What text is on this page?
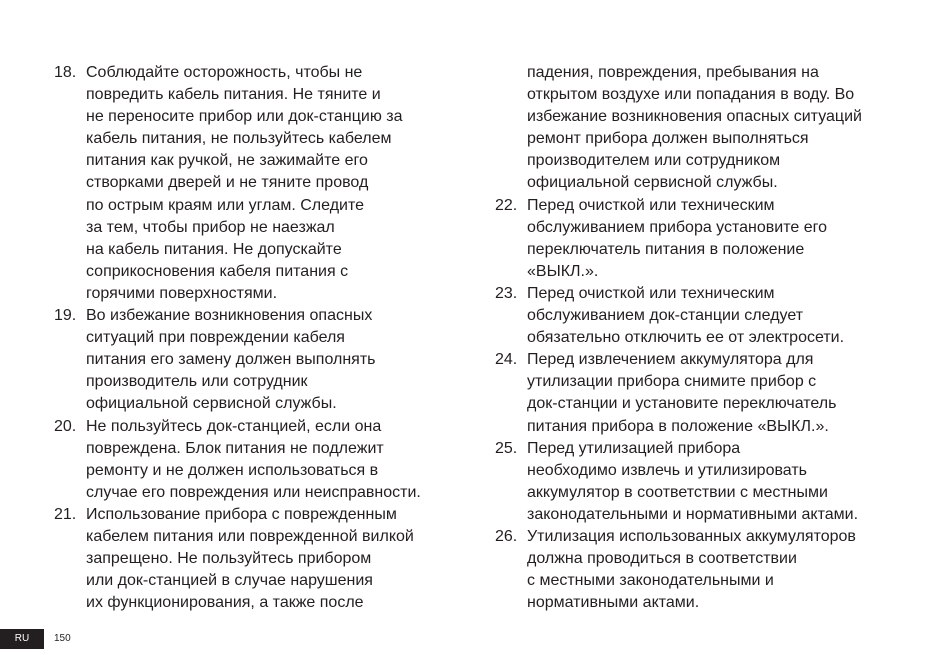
18. Соблюдайте осторожность, чтобы не
повредить кабель питания. Не тяните и
не переносите прибор или док-станцию за
кабель питания, не пользуйтесь кабелем
питания как ручкой, не зажимайте его
створками дверей и не тяните провод
по острым краям или углам. Следите
за тем, чтобы прибор не наезжал
на кабель питания. Не допускайте
соприкосновения кабеля питания с
горячими поверхностями.
19. Во избежание возникновения опасных
ситуаций при повреждении кабеля
питания его замену должен выполнять
производитель или сотрудник
официальной сервисной службы.
20. Не пользуйтесь док-станцией, если она
повреждена. Блок питания не подлежит
ремонту и не должен использоваться в
случае его повреждения или неисправности.
21. Использование прибора с поврежденным
кабелем питания или поврежденной вилкой
запрещено. Не пользуйтесь прибором
или док-станцией в случае нарушения
их функционирования, а также после
падения, повреждения, пребывания на
открытом воздухе или попадания в воду. Во
избежание возникновения опасных ситуаций
ремонт прибора должен выполняться
производителем или сотрудником
официальной сервисной службы.
22. Перед очисткой или техническим
обслуживанием прибора установите его
переключатель питания в положение
«ВЫКЛ.».
23. Перед очисткой или техническим
обслуживанием док-станции следует
обязательно отключить ее от электросети.
24. Перед извлечением аккумулятора для
утилизации прибора снимите прибор с
док-станции и установите переключатель
питания прибора в положение «ВЫКЛ.».
25. Перед утилизацией прибора
необходимо извлечь и утилизировать
аккумулятор в соответствии с местными
законодательными и нормативными актами.
26. Утилизация использованных аккумуляторов
должна проводиться в соответствии
с местными законодательными и
нормативными актами.
RU	150
